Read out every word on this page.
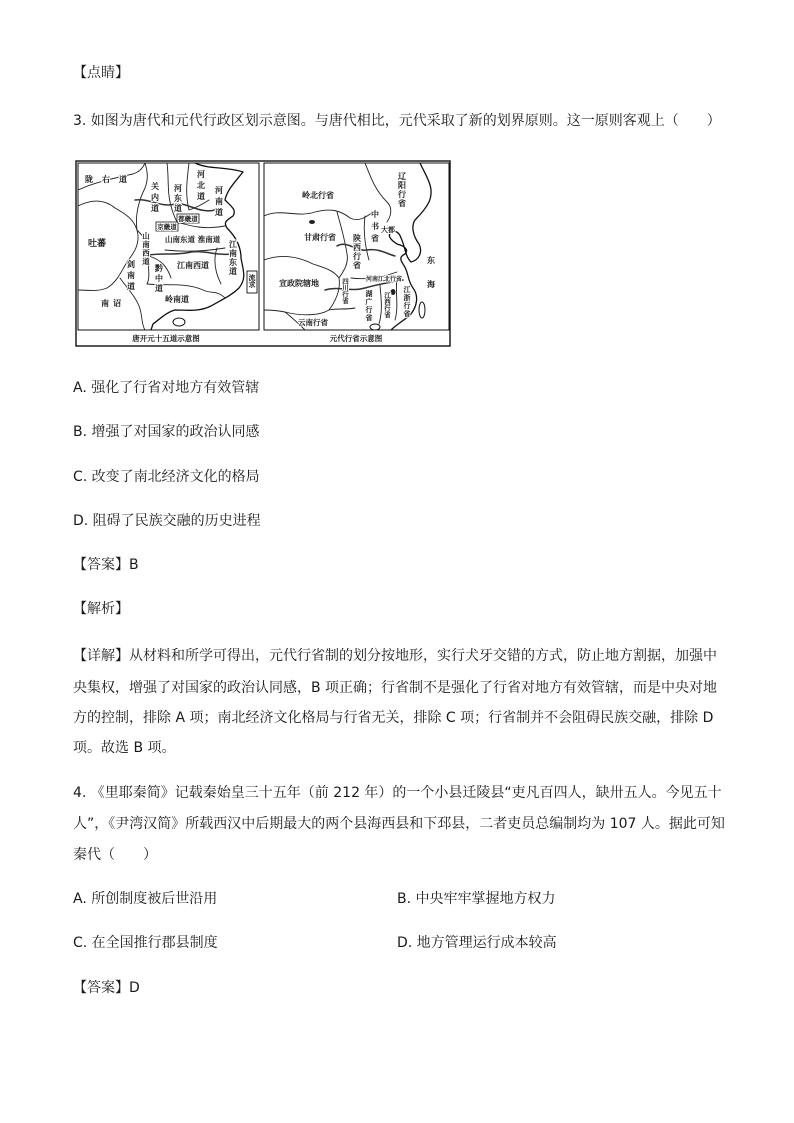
【点睛】
3. 如图为唐代和元代行政区划示意图。与唐代相比，元代采取了新的划界原则。这一原则客观上（　　）
陇右道
关内道 河东道 河北道 河南道
都畿道
京畿道
山南东道 淮南道
山南西道
吐蕃
剑南道 黔中道 江南西道 江南东道
岭南道
南诏
流求
辽阳行省
岭北行省
甘肃行省	中书省 大都
陕西行省
宣政院辖地	四川行省	河南江北行省
湖广行省 江西行省 江浙行省
云南行省
东海
唐开元十五道示意图	元代行省示意图
A. 强化了行省对地方有效管辖
B. 增强了对国家的政治认同感
C. 改变了南北经济文化的格局
D. 阻碍了民族交融的历史进程
【答案】B
【解析】
【详解】从材料和所学可得出，元代行省制的划分按地形，实行犬牙交错的方式，防止地方割据，加强中
央集权，增强了对国家的政治认同感，B 项正确；行省制不是强化了行省对地方有效管辖，而是中央对地
方的控制，排除 A 项；南北经济文化格局与行省无关，排除 C 项；行省制并不会阻碍民族交融，排除 D
项。故选 B 项。
4. 《里耶秦简》记载秦始皇三十五年（前 212 年）的一个小县迁陵县“吏凡百四人，缺卅五人。今见五十
人”，《尹湾汉简》所载西汉中后期最大的两个县海西县和下邳县，二者吏员总编制均为 107 人。据此可知
秦代（　　）
A. 所创制度被后世沿用	B. 中央牢牢掌握地方权力
C. 在全国推行郡县制度	D. 地方管理运行成本较高
【答案】D
